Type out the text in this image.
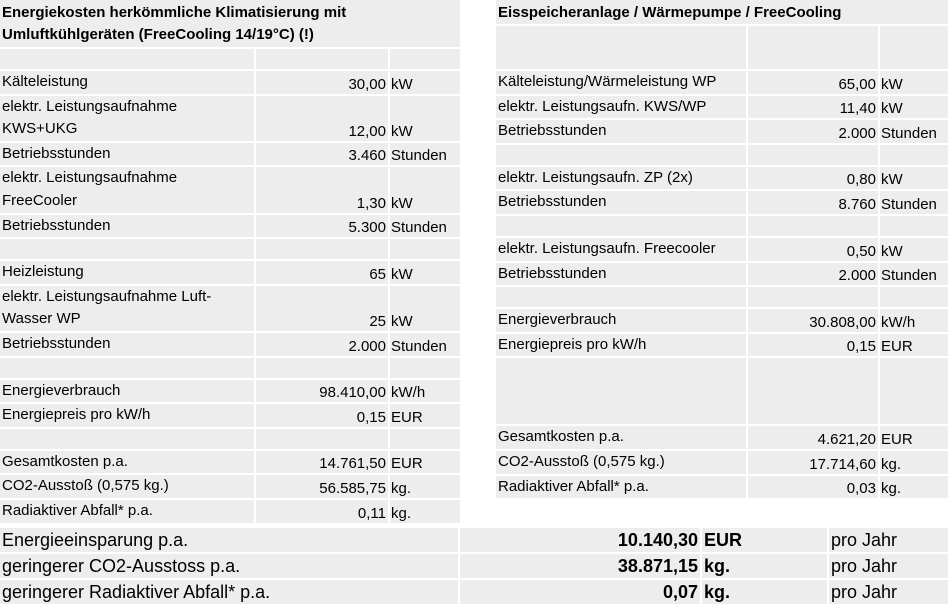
Energiekosten herkömmliche Klimatisierung mit Umluftkühlgeräten (FreeCooling 14/19°C) (!)		

Kälteleistung	30,00	kW
elektr. Leistungsaufnahme KWS+UKG	12,00	kW
Betriebsstunden	3.460	Stunden
elektr. Leistungsaufnahme FreeCooler	1,30	kW
Betriebsstunden	5.300	Stunden

Heizleistung	65	kW
elektr. Leistungsaufnahme Luft-Wasser WP	25	kW
Betriebsstunden	2.000	Stunden

Energieverbrauch	98.410,00	kW/h
Energiepreis pro kW/h	0,15	EUR

Gesamtkosten p.a.	14.761,50	EUR
CO2-Ausstoß (0,575 kg.)	56.585,75	kg.
Radiaktiver Abfall* p.a.	0,11	kg.
Eisspeicheranlage / Wärmepumpe / FreeCooling		

Kälteleistung/Wärmeleistung WP	65,00	kW
elektr. Leistungsaufn. KWS/WP	11,40	kW
Betriebsstunden	2.000	Stunden

elektr. Leistungsaufn. ZP (2x)	0,80	kW
Betriebsstunden	8.760	Stunden

elektr. Leistungsaufn. Freecooler	0,50	kW
Betriebsstunden	2.000	Stunden

Energieverbrauch	30.808,00	kW/h
Energiepreis pro kW/h	0,15	EUR

Gesamtkosten p.a.	4.621,20	EUR
CO2-Ausstoß (0,575 kg.)	17.714,60	kg.
Radiaktiver Abfall* p.a.	0,03	kg.
Energieeinsparung p.a.	10.140,30	EUR	pro Jahr
geringerer CO2-Ausstoss p.a.	38.871,15	kg.	pro Jahr
geringerer Radiaktiver Abfall* p.a.	0,07	kg.	pro Jahr
